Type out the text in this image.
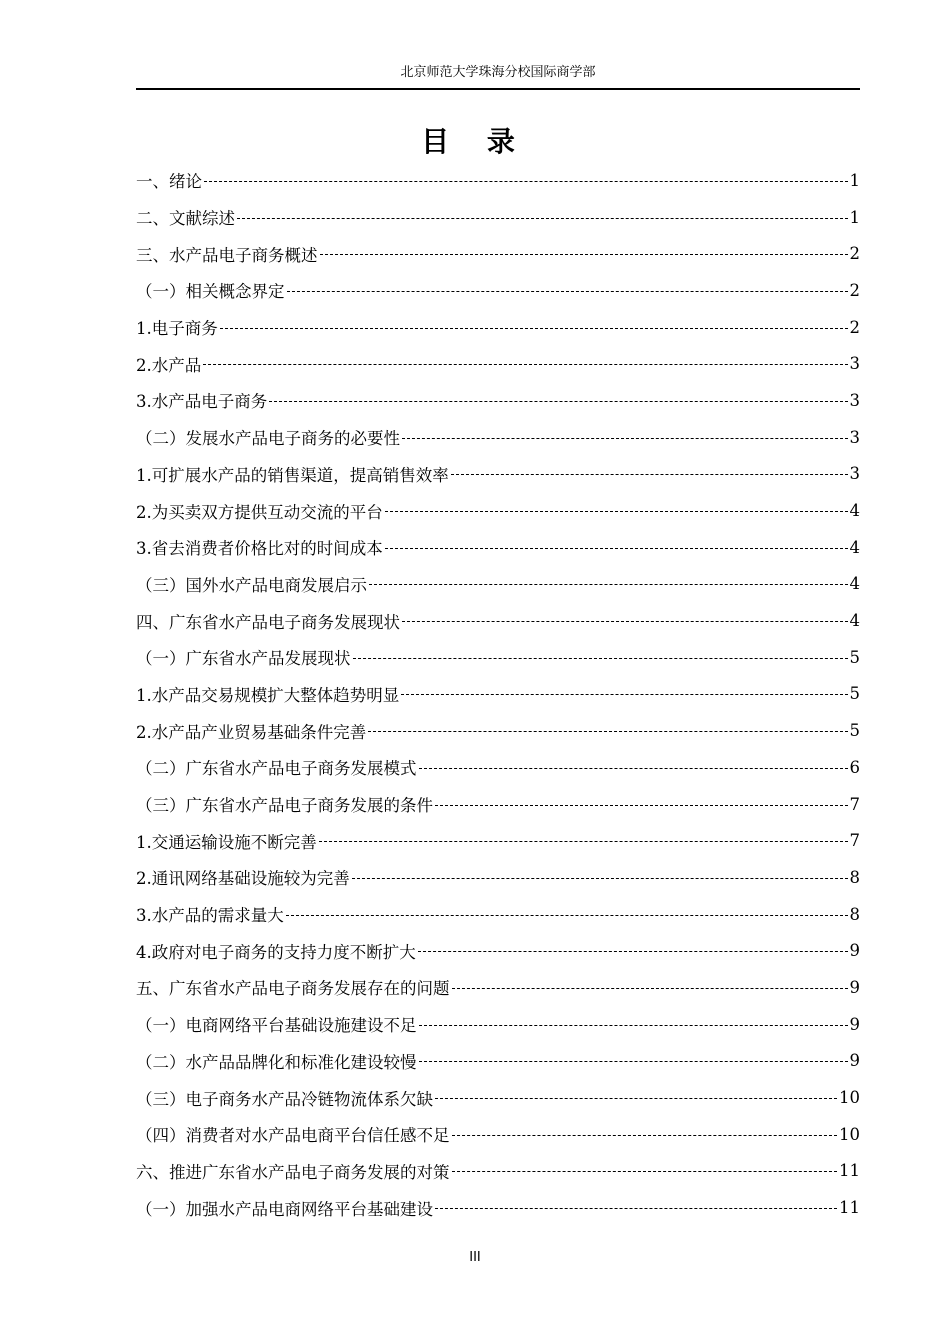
北京师范大学珠海分校国际商学部
目 录
一、绪论	1
二、文献综述	1
三、水产品电子商务概述	2
（一）相关概念界定	2
1.电子商务	2
2.水产品	3
3.水产品电子商务	3
（二）发展水产品电子商务的必要性	3
1.可扩展水产品的销售渠道，提高销售效率	3
2.为买卖双方提供互动交流的平台	4
3.省去消费者价格比对的时间成本	4
（三）国外水产品电商发展启示	4
四、广东省水产品电子商务发展现状	4
（一）广东省水产品发展现状	5
1.水产品交易规模扩大整体趋势明显	5
2.水产品产业贸易基础条件完善	5
（二）广东省水产品电子商务发展模式	6
（三）广东省水产品电子商务发展的条件	7
1.交通运输设施不断完善	7
2.通讯网络基础设施较为完善	8
3.水产品的需求量大	8
4.政府对电子商务的支持力度不断扩大	9
五、广东省水产品电子商务发展存在的问题	9
（一）电商网络平台基础设施建设不足	9
（二）水产品品牌化和标准化建设较慢	9
（三）电子商务水产品冷链物流体系欠缺	10
（四）消费者对水产品电商平台信任感不足	10
六、推进广东省水产品电子商务发展的对策	11
（一）加强水产品电商网络平台基础建设	11
III
